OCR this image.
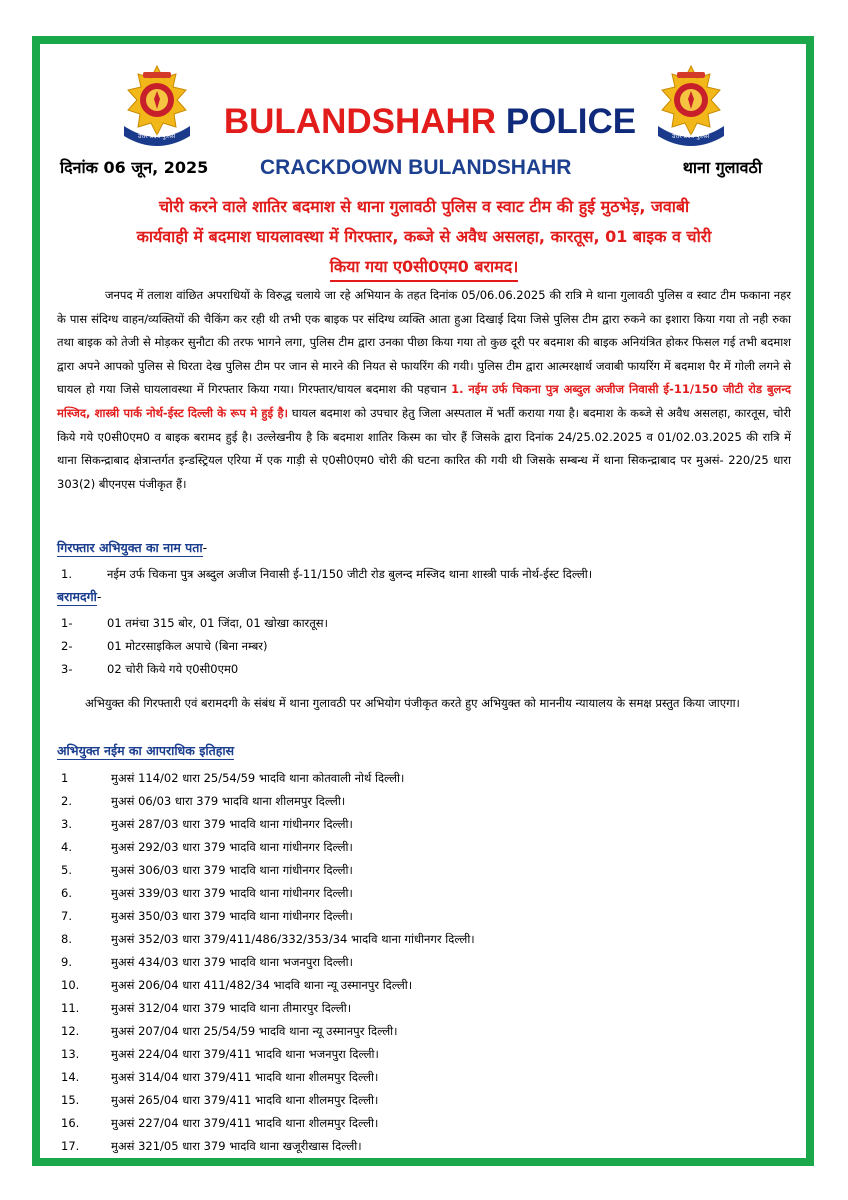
उत्तर प्रदेश पुलिस	उत्तर प्रदेश पुलिस
BULANDSHAHR POLICE
दिनांक 06 जून, 2025 CRACKDOWN BULANDSHAHR	थाना गुलावठी
चोरी करने वाले शातिर बदमाश से थाना गुलावठी पुलिस व स्वाट टीम की हुई मुठभेड़, जवाबी
कार्यवाही में बदमाश घायलावस्था में गिरफ्तार, कब्जे से अवैध असलहा, कारतूस, 01 बाइक व चोरी
किया गया ए0सी0एम0 बरामद।
जनपद में तलाश वांछित अपराधियों के विरुद्ध चलाये जा रहे अभियान के तहत दिनांक 05/06.06.2025 की रात्रि मे थाना गुलावठी पुलिस व स्वाट टीम फकाना नहर के पास संदिग्ध वाहन/व्यक्तियों की चैकिंग कर रही थी तभी एक बाइक पर संदिग्ध व्यक्ति आता हुआ दिखाई दिया जिसे पुलिस टीम द्वारा रुकने का इशारा किया गया तो नही रुका तथा बाइक को तेजी से मोड़कर सुनौटा की तरफ भागने लगा, पुलिस टीम द्वारा उनका पीछा किया गया तो कुछ दूरी पर बदमाश की बाइक अनियंत्रित होकर फिसल गई तभी बदमाश द्वारा अपने आपको पुलिस से घिरता देख पुलिस टीम पर जान से मारने की नियत से फायरिंग की गयी। पुलिस टीम द्वारा आत्मरक्षार्थ जवाबी फायरिंग में बदमाश पैर में गोली लगने से घायल हो गया जिसे घायलावस्था में गिरफ्तार किया गया। गिरफ्तार/घायल बदमाश की पहचान 1. नईम उर्फ चिकना पुत्र अब्दुल अजीज निवासी ई-11/150 जीटी रोड बुलन्द मस्जिद, शास्त्री पार्क नोर्थ-ईस्ट दिल्ली के रूप मे हुई है। घायल बदमाश को उपचार हेतु जिला अस्पताल में भर्ती कराया गया है। बदमाश के कब्जे से अवैध असलहा, कारतूस, चोरी किये गये ए0सी0एम0 व बाइक बरामद हुई है। उल्लेखनीय है कि बदमाश शातिर किस्म का चोर हैं जिसके द्वारा दिनांक 24/25.02.2025 व 01/02.03.2025 की रात्रि में थाना सिकन्द्राबाद क्षेत्रान्तर्गत इन्डस्ट्रियल एरिया में एक गाड़ी से ए0सी0एम0 चोरी की घटना कारित की गयी थी जिसके सम्बन्ध में थाना सिकन्द्राबाद पर मुअसं- 220/25 धारा 303(2) बीएनएस पंजीकृत हैं।
गिरफ्तार अभियुक्त का नाम पता-
1.	नईम उर्फ चिकना पुत्र अब्दुल अजीज निवासी ई-11/150 जीटी रोड बुलन्द मस्जिद थाना शास्त्री पार्क नोर्थ-ईस्ट दिल्ली।
बरामदगी-
1-	01 तमंचा 315 बोर, 01 जिंदा, 01 खोखा कारतूस।
2-	01 मोटरसाइकिल अपाचे (बिना नम्बर)
3-	02 चोरी किये गये ए0सी0एम0
अभियुक्त की गिरफ्तारी एवं बरामदगी के संबंध में थाना गुलावठी पर अभियोग पंजीकृत करते हुए अभियुक्त को माननीय न्यायालय के समक्ष प्रस्तुत किया जाएगा।
अभियुक्त नईम का आपराधिक इतिहास
1	मुअसं 114/02 धारा 25/54/59 भादवि थाना कोतवाली नोर्थ दिल्ली।
2.	मुअसं 06/03 धारा 379 भादवि थाना शीलमपुर दिल्ली।
3.	मुअसं 287/03 धारा 379 भादवि थाना गांधीनगर दिल्ली।
4.	मुअसं 292/03 धारा 379 भादवि थाना गांधीनगर दिल्ली।
5.	मुअसं 306/03 धारा 379 भादवि थाना गांधीनगर दिल्ली।
6.	मुअसं 339/03 धारा 379 भादवि थाना गांधीनगर दिल्ली।
7.	मुअसं 350/03 धारा 379 भादवि थाना गांधीनगर दिल्ली।
8.	मुअसं 352/03 धारा 379/411/486/332/353/34 भादवि थाना गांधीनगर दिल्ली।
9.	मुअसं 434/03 धारा 379 भादवि थाना भजनपुरा दिल्ली।
10.	मुअसं 206/04 धारा 411/482/34 भादवि थाना न्यू उस्मानपुर दिल्ली।
11.	मुअसं 312/04 धारा 379 भादवि थाना तीमारपुर दिल्ली।
12.	मुअसं 207/04 धारा 25/54/59 भादवि थाना न्यू उस्मानपुर दिल्ली।
13.	मुअसं 224/04 धारा 379/411 भादवि थाना भजनपुरा दिल्ली।
14.	मुअसं 314/04 धारा 379/411 भादवि थाना शीलमपुर दिल्ली।
15.	मुअसं 265/04 धारा 379/411 भादवि थाना शीलमपुर दिल्ली।
16.	मुअसं 227/04 धारा 379/411 भादवि थाना शीलमपुर दिल्ली।
17.	मुअसं 321/05 धारा 379 भादवि थाना खजूरीखास दिल्ली।
